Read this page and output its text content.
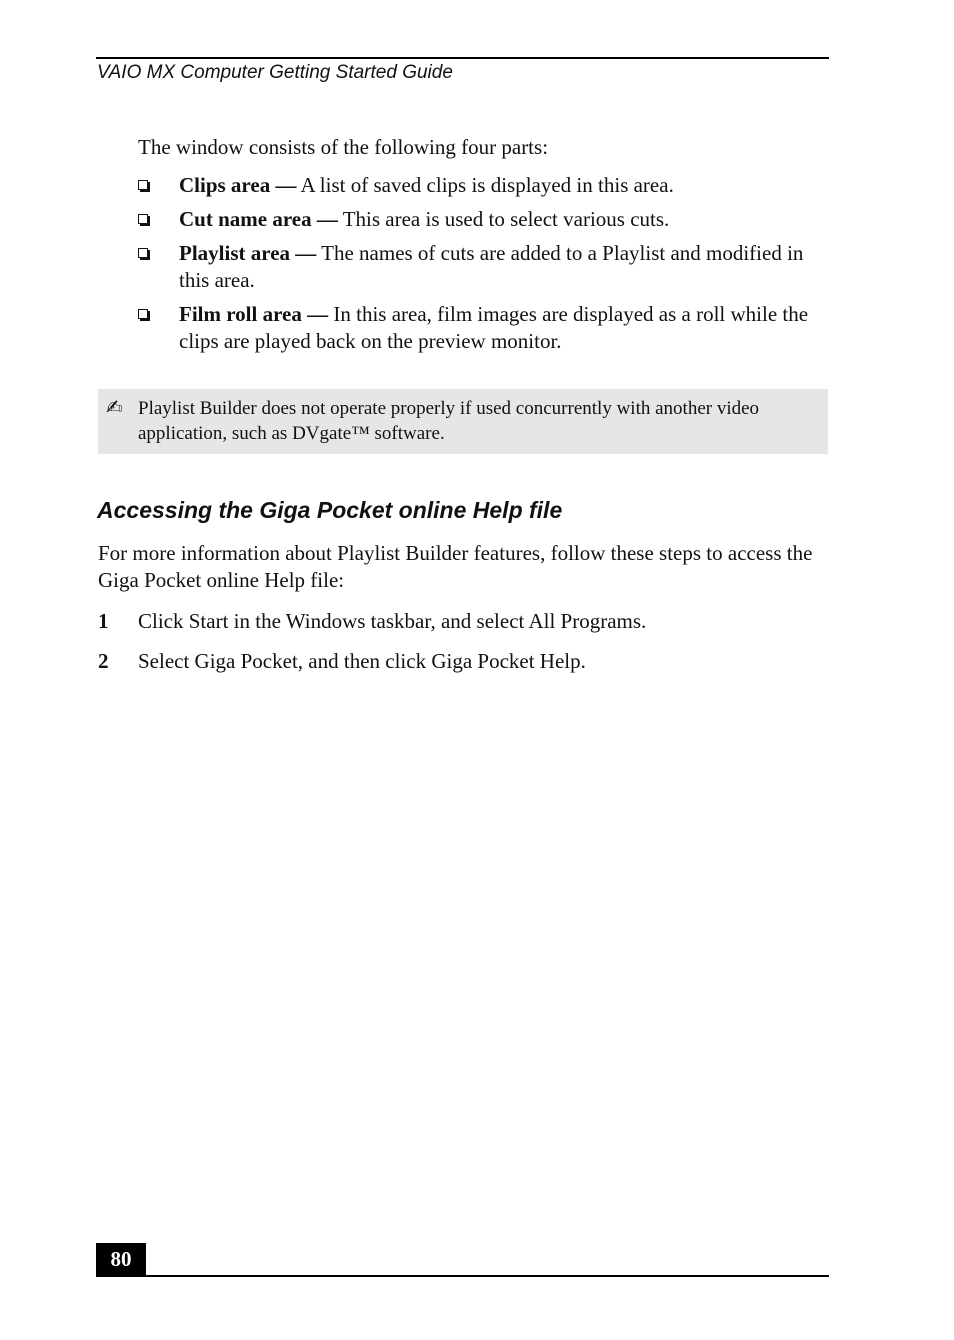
VAIO MX Computer Getting Started Guide
The window consists of the following four parts:
Clips area — A list of saved clips is displayed in this area.
Cut name area — This area is used to select various cuts.
Playlist area — The names of cuts are added to a Playlist and modified in this area.
Film roll area — In this area, film images are displayed as a roll while the clips are played back on the preview monitor.
✍ Playlist Builder does not operate properly if used concurrently with another video application, such as DVgate™ software.
Accessing the Giga Pocket online Help file
For more information about Playlist Builder features, follow these steps to access the Giga Pocket online Help file:
1 Click Start in the Windows taskbar, and select All Programs.
2 Select Giga Pocket, and then click Giga Pocket Help.
80
